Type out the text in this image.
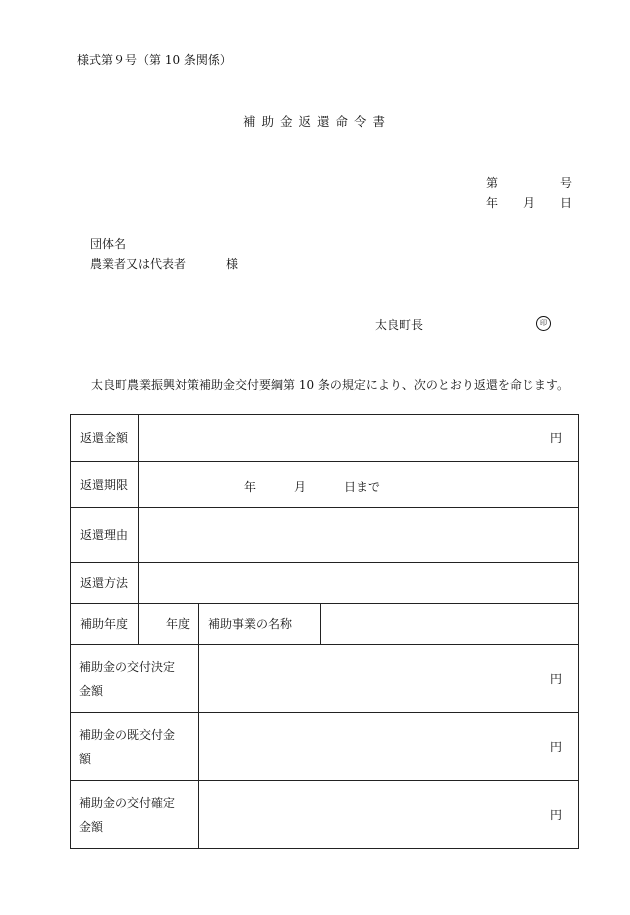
様式第９号（第 10 条関係）
補 助 金 返 還 命 令 書
第	号
年 月 日
団体名
農業者又は代表者	様
太良町長	印
太良町農業振興対策補助金交付要綱第 10 条の規定により、次のとおり返還を命じます。
返還金額	円		
返還期限	年 月 日まで		

返還理由			
返還方法			
補助年度	年度	補助事業の名称	

補助金の交付決定
金額		円	

補助金の既交付金
額		円	

補助金の交付確定
金額		円	
